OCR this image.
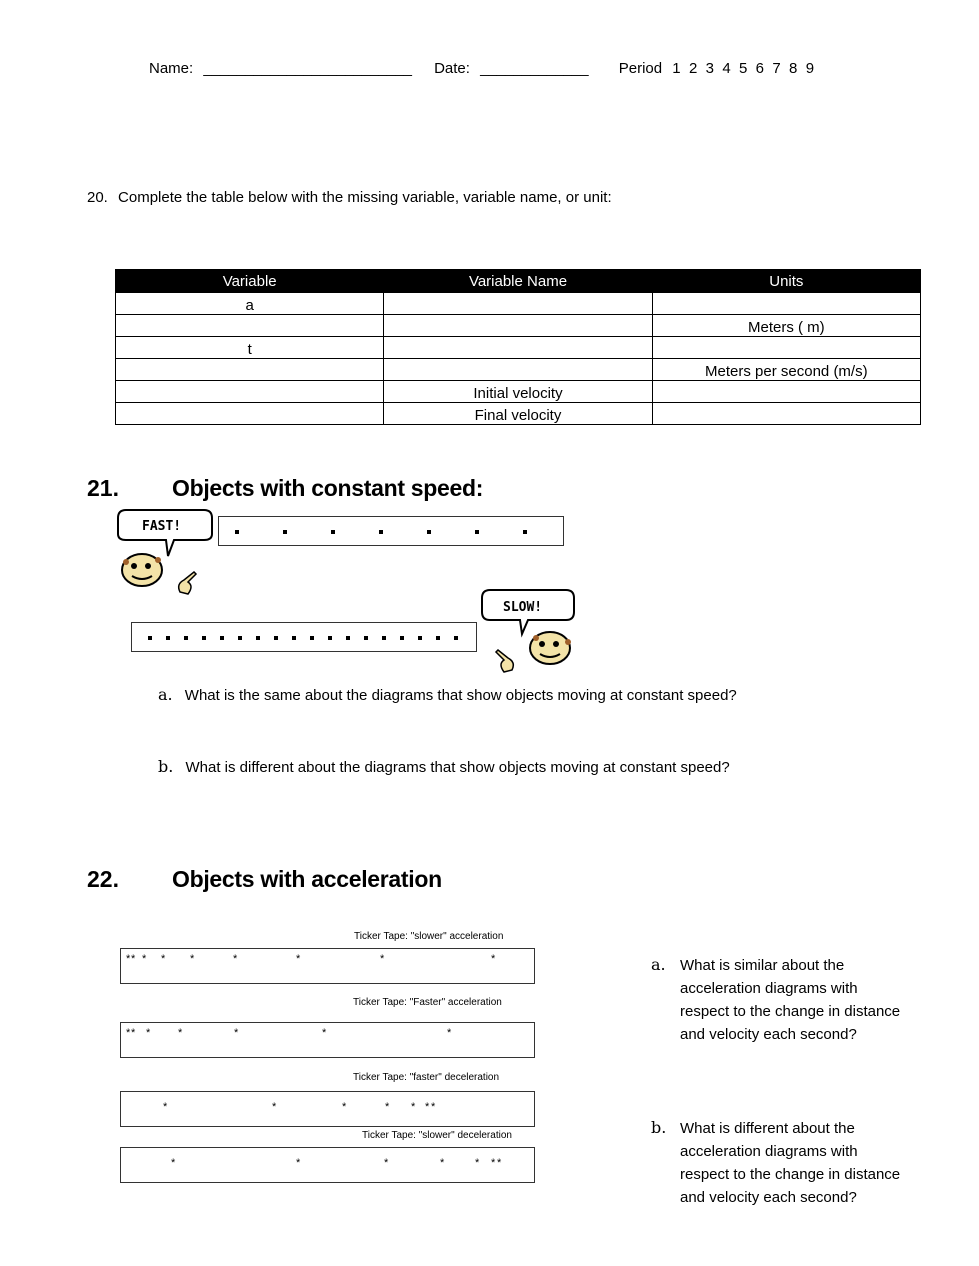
Name: _________________________ Date: _____________ Period 1  2  3  4  5  6  7  8  9
20. Complete the table below with the missing variable, variable name, or unit:
Variable	Variable Name	Units
a		
		Meters ( m)
t		
		Meters per second (m/s)
	Initial velocity	
	Final velocity	
21. Objects with constant speed:
FAST!
SLOW!
a. What is the same about the diagrams that show objects moving at constant speed?
b. What is different about the diagrams that show objects moving at constant speed?
22. Objects with acceleration
Ticker Tape: "slower" acceleration
* * * * *	*	*	*	*
Ticker Tape: "Faster" acceleration
* * *	*	*	*	*
Ticker Tape: "faster" deceleration
*	*	*	* * * *
Ticker Tape: "slower" deceleration
*	*	*	*	* * *
a. What is similar about the
acceleration diagrams with
respect to the change in distance
and velocity each second?
b. What is different about the
acceleration diagrams with
respect to the change in distance
and velocity each second?
